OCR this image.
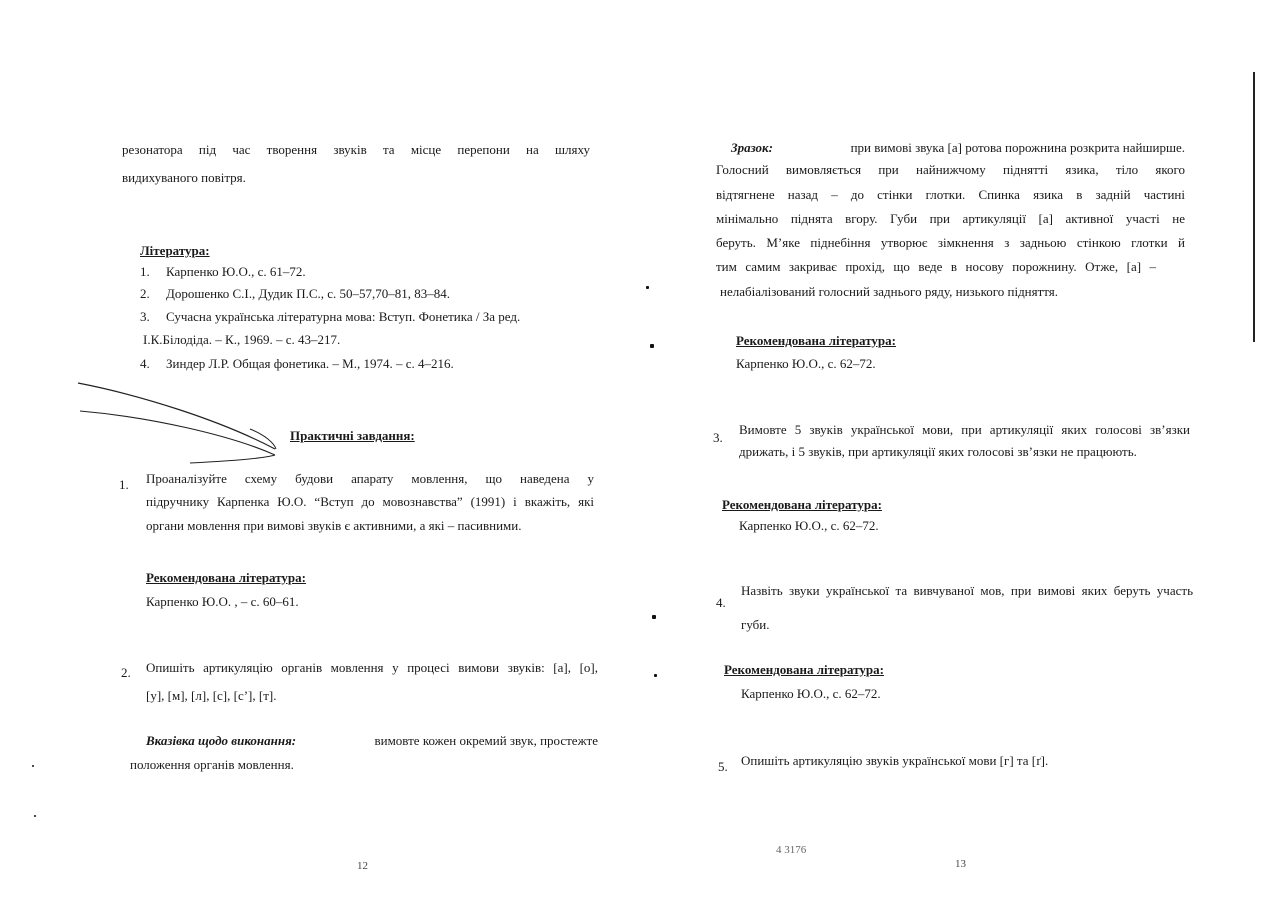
резонатора під час творення звуків та місце перепони на шляху
видихуваного повітря.
Література:
1. Карпенко Ю.О., с. 61–72.
2. Дорошенко С.І., Дудик П.С., с. 50–57,70–81, 83–84.
3. Сучасна українська літературна мова: Вступ. Фонетика / За ред.
І.К.Білодіда. – К., 1969. – с. 43–217.
4. Зиндер Л.Р. Общая фонетика. – М., 1974. – с. 4–216.
Практичні завдання:
1. Проаналізуйте схему будови апарату мовлення, що наведена у
підручнику Карпенка Ю.О. “Вступ до мовознавства” (1991) і вкажіть, які
органи мовлення при вимові звуків є активними, а які – пасивними.
Рекомендована література:
Карпенко Ю.О. , – с. 60–61.
2. Опишіть артикуляцію органів мовлення у процесі вимови звуків: [а], [о],
[у], [м], [л], [с], [с’], [т].
Вказівка щодо виконання:	вимовте кожен окремий звук, простежте
положення органів мовлення.
12
Зразок:	при вимові звука [а] ротова порожнина розкрита найширше.
Голосний вимовляється при найнижчому піднятті язика, тіло якого
відтягнене назад – до стінки глотки. Спинка язика в задній частині
мінімально піднята вгору. Губи при артикуляції [а] активної участі не
беруть. М’яке піднебіння утворює зімкнення з задньою стінкою глотки й
тим самим закриває прохід, що веде в носову порожнину. Отже, [а] –
нелабіалізований голосний заднього ряду, низького підняття.
Рекомендована література:
Карпенко Ю.О., с. 62–72.
3.
Вимовте 5 звуків української мови, при артикуляції яких голосові зв’язки
дрижать, і 5 звуків, при артикуляції яких голосові зв’язки не працюють.
Рекомендована література:
Карпенко Ю.О., с. 62–72.
4.
Назвіть звуки української та вивчуваної мов, при вимові яких беруть участь
губи.
Рекомендована література:
Карпенко Ю.О., с. 62–72.
5. Опишіть артикуляцію звуків української мови [г] та [ґ].
4 3176
13
